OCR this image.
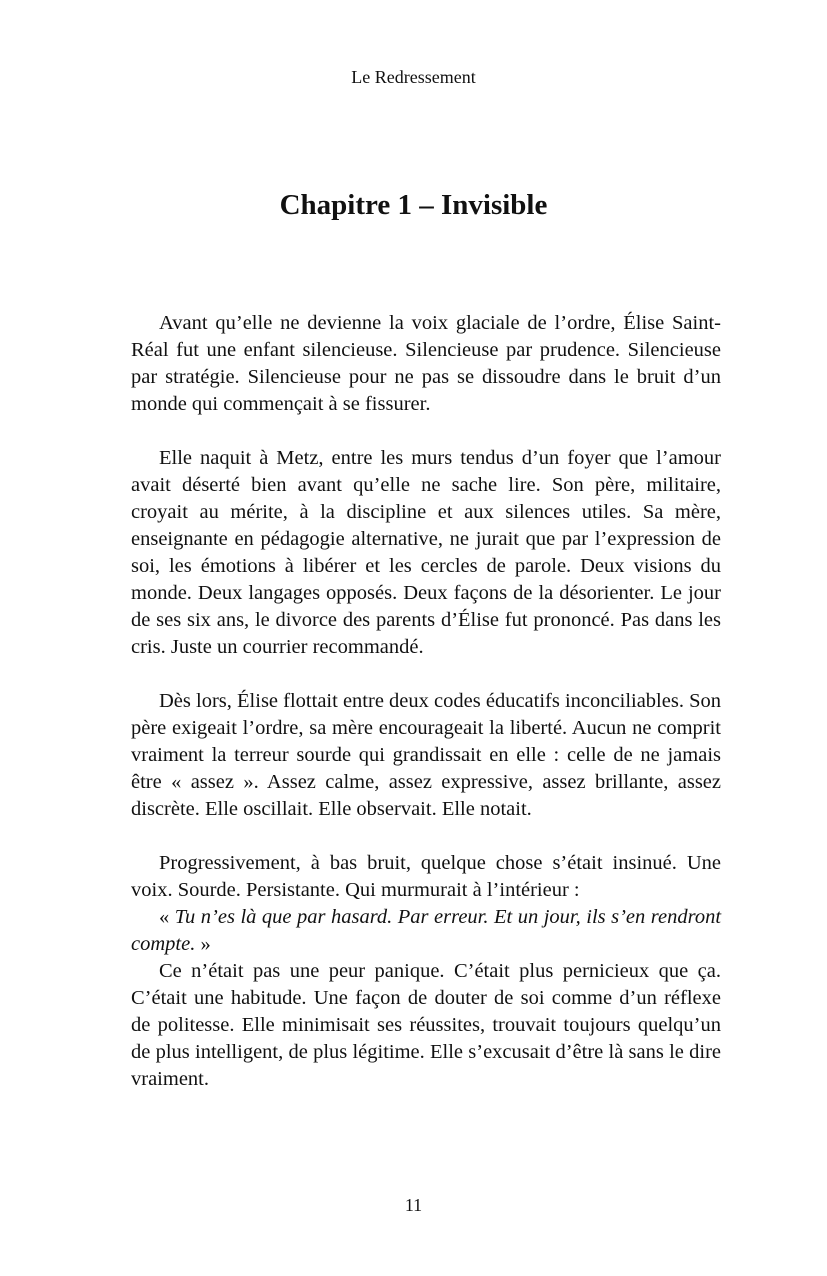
Le Redressement
Chapitre 1 – Invisible

Avant qu’elle ne devienne la voix glaciale de l’ordre, Élise Saint-Réal fut une enfant silencieuse. Silencieuse par prudence. Silencieuse par stratégie. Silencieuse pour ne pas se dissoudre dans le bruit d’un monde qui commençait à se fissurer.

Elle naquit à Metz, entre les murs tendus d’un foyer que l’amour avait déserté bien avant qu’elle ne sache lire. Son père, militaire, croyait au mérite, à la discipline et aux silences utiles. Sa mère, enseignante en pédagogie alternative, ne jurait que par l’expression de soi, les émotions à libérer et les cercles de parole. Deux visions du monde. Deux langages opposés. Deux façons de la désorienter. Le jour de ses six ans, le divorce des parents d’Élise fut prononcé. Pas dans les cris. Juste un courrier recommandé.

Dès lors, Élise flottait entre deux codes éducatifs inconciliables. Son père exigeait l’ordre, sa mère encourageait la liberté. Aucun ne comprit vraiment la terreur sourde qui grandissait en elle : celle de ne jamais être « assez ». Assez calme, assez expressive, assez brillante, assez discrète. Elle oscillait. Elle observait. Elle notait.

Progressivement, à bas bruit, quelque chose s’était insinué. Une voix. Sourde. Persistante. Qui murmurait à l’intérieur :

« Tu n’es là que par hasard. Par erreur. Et un jour, ils s’en rendront compte. »

Ce n’était pas une peur panique. C’était plus pernicieux que ça. C’était une habitude. Une façon de douter de soi comme d’un réflexe de politesse. Elle minimisait ses réussites, trouvait toujours quelqu’un de plus intelligent, de plus légitime. Elle s’excusait d’être là sans le dire vraiment.

11
